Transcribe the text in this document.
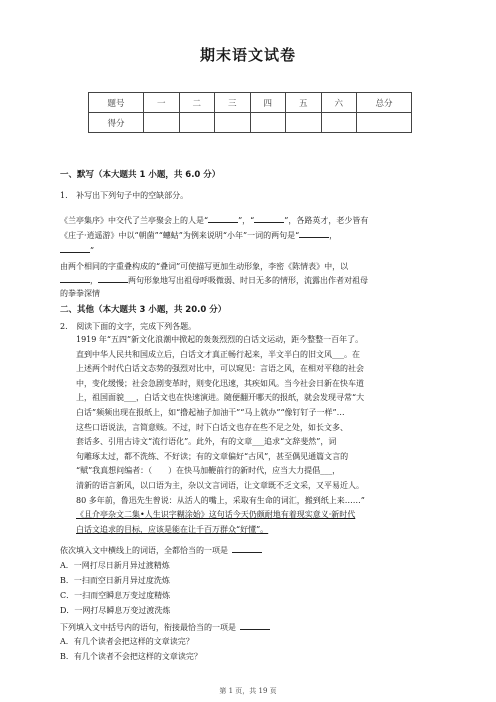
期末语文试卷
题号	一	二	三	四	五	六	总分
得分							
一、默写（本大题共 1 小题，共 6.0 分）
1. 补写出下列句子中的空缺部分。
《兰亭集序》中交代了兰亭聚会上的人是“	”，“	”，各路英才，老少皆有
《庄子·逍遥游》中以“朝菌”“蟪蛄”为例来说明“小年”一词的两句是“	，
”
由两个相同的字重叠构成的“叠词”可使描写更加生动形象，李密《陈情表》中，以
，	两句形象地写出祖母呼吸微弱、时日无多的情形，流露出作者对祖母
的拳拳深情
二、其他（本大题共 3 小题，共 20.0 分）
2. 阅读下面的文字，完成下列各题。
1919 年“五四”新文化浪潮中掀起的轰轰烈烈的白话文运动，距今整整一百年了。
直到中华人民共和国成立后，白话文才真正畅行起来，半文半白的旧文风___。在
上述两个时代白话文态势的强烈对比中，可以窥见：言语之风，在相对平稳的社会
中，变化缓慢；社会急剧变革时，则变化迅速，其疾如风。当今社会日新在快车道
上，祖国面貌___，白话文也在快速演进。随便翻开哪天的报纸，就会发现寻常“大
白话”频频出现在报纸上，如“撸起袖子加油干”“马上就办”“像钉钉子一样”…
这些口语说法，言简意赅。不过，时下白话文也存在些不足之处，如长文多、
套话多、引用古诗文“流行语化”。此外，有的文章___追求“文辞斐然”，词
句雕琢太过，都不洗练、不好读；有的文章偏好“古风”，甚至偶见通篇文言的
“赋”我真想问编者：（　　）在快马加鞭前行的新时代，应当大力提倡___，
清新的语言新风，以口语为主，杂以文言词语，让文章既不乏文采，又平易近人。
80 多年前，鲁迅先生曾说：从活人的嘴上，采取有生命的词汇，搬到纸上来……”
《且介亭杂文二集•人生识字糊涂始》这句话今天仍颇耐地有着现实意义·新时代
白话文追求的目标，应该是能在让千百万群众“好懂”。
依次填入文中横线上的词语，全都恰当的一项是
A．一网打尽日新月异过渡精炼
B．一扫而空日新月异过度洗炼
C．一扫而空瞬息万变过度精炼
D．一网打尽瞬息万变过渡洗炼
下列填入文中括号内的语句，衔接最恰当的一项是
A．有几个读者会把这样的文章读完？
B．有几个读者不会把这样的文章读完？
第 1 页，共 19 页
